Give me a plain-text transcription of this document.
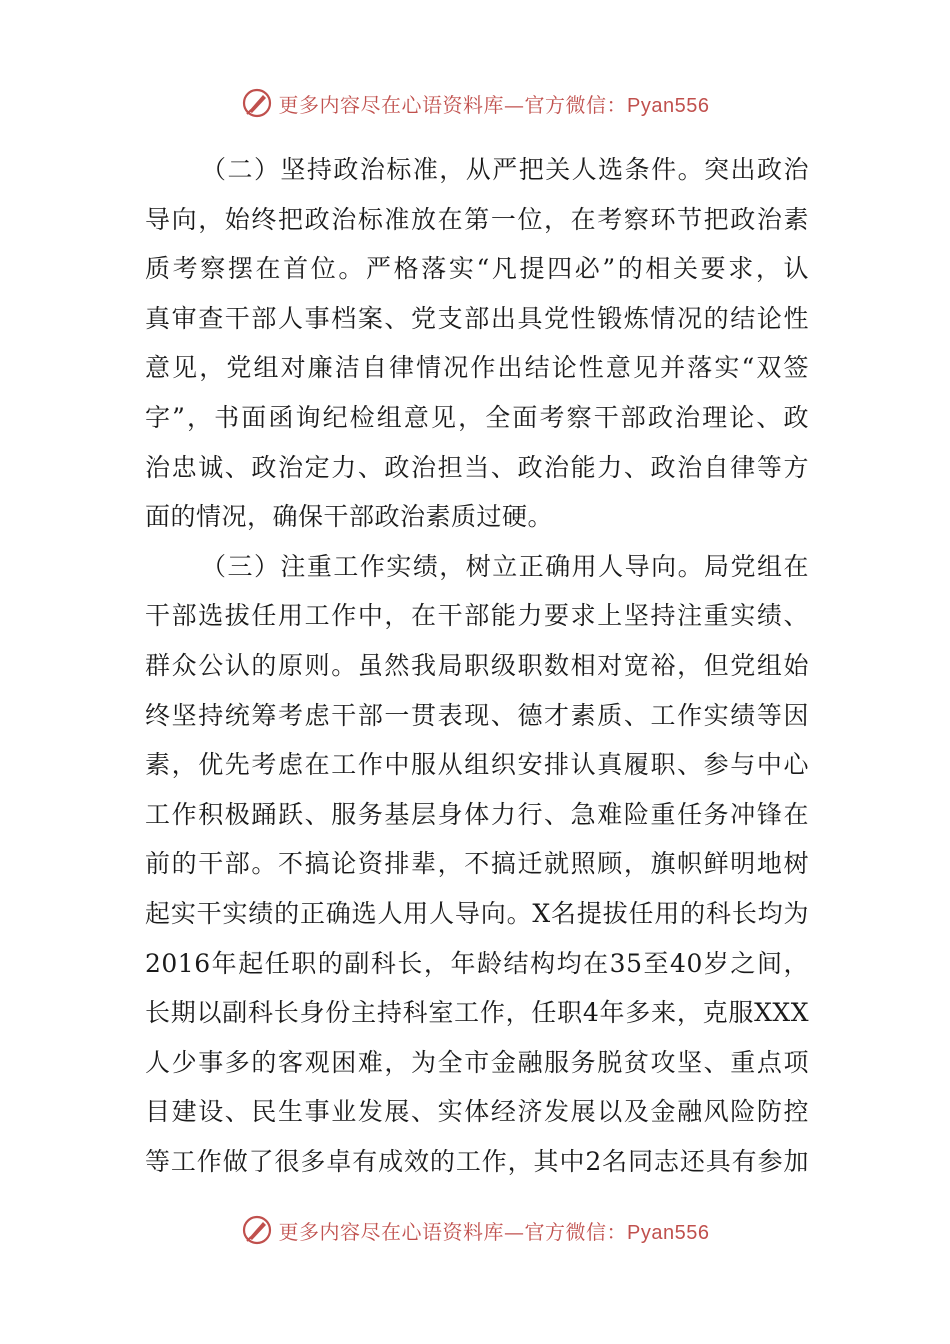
更多内容尽在心语资料库—官方微信：Pyan556
（二）坚持政治标准，从严把关人选条件。突出政治
导向，始终把政治标准放在第一位，在考察环节把政治素
质考察摆在首位。严格落实“凡提四必”的相关要求，认
真审查干部人事档案、党支部出具党性锻炼情况的结论性
意见，党组对廉洁自律情况作出结论性意见并落实“双签
字”，书面函询纪检组意见，全面考察干部政治理论、政
治忠诚、政治定力、政治担当、政治能力、政治自律等方
面的情况，确保干部政治素质过硬。
（三）注重工作实绩，树立正确用人导向。局党组在
干部选拔任用工作中，在干部能力要求上坚持注重实绩、
群众公认的原则。虽然我局职级职数相对宽裕，但党组始
终坚持统筹考虑干部一贯表现、德才素质、工作实绩等因
素，优先考虑在工作中服从组织安排认真履职、参与中心
工作积极踊跃、服务基层身体力行、急难险重任务冲锋在
前的干部。不搞论资排辈，不搞迁就照顾，旗帜鲜明地树
起实干实绩的正确选人用人导向。X名提拔任用的科长均为
2016年起任职的副科长，年龄结构均在35至40岁之间，
长期以副科长身份主持科室工作，任职4年多来，克服XXX
人少事多的客观困难，为全市金融服务脱贫攻坚、重点项
目建设、民生事业发展、实体经济发展以及金融风险防控
等工作做了很多卓有成效的工作，其中2名同志还具有参加
更多内容尽在心语资料库—官方微信：Pyan556
